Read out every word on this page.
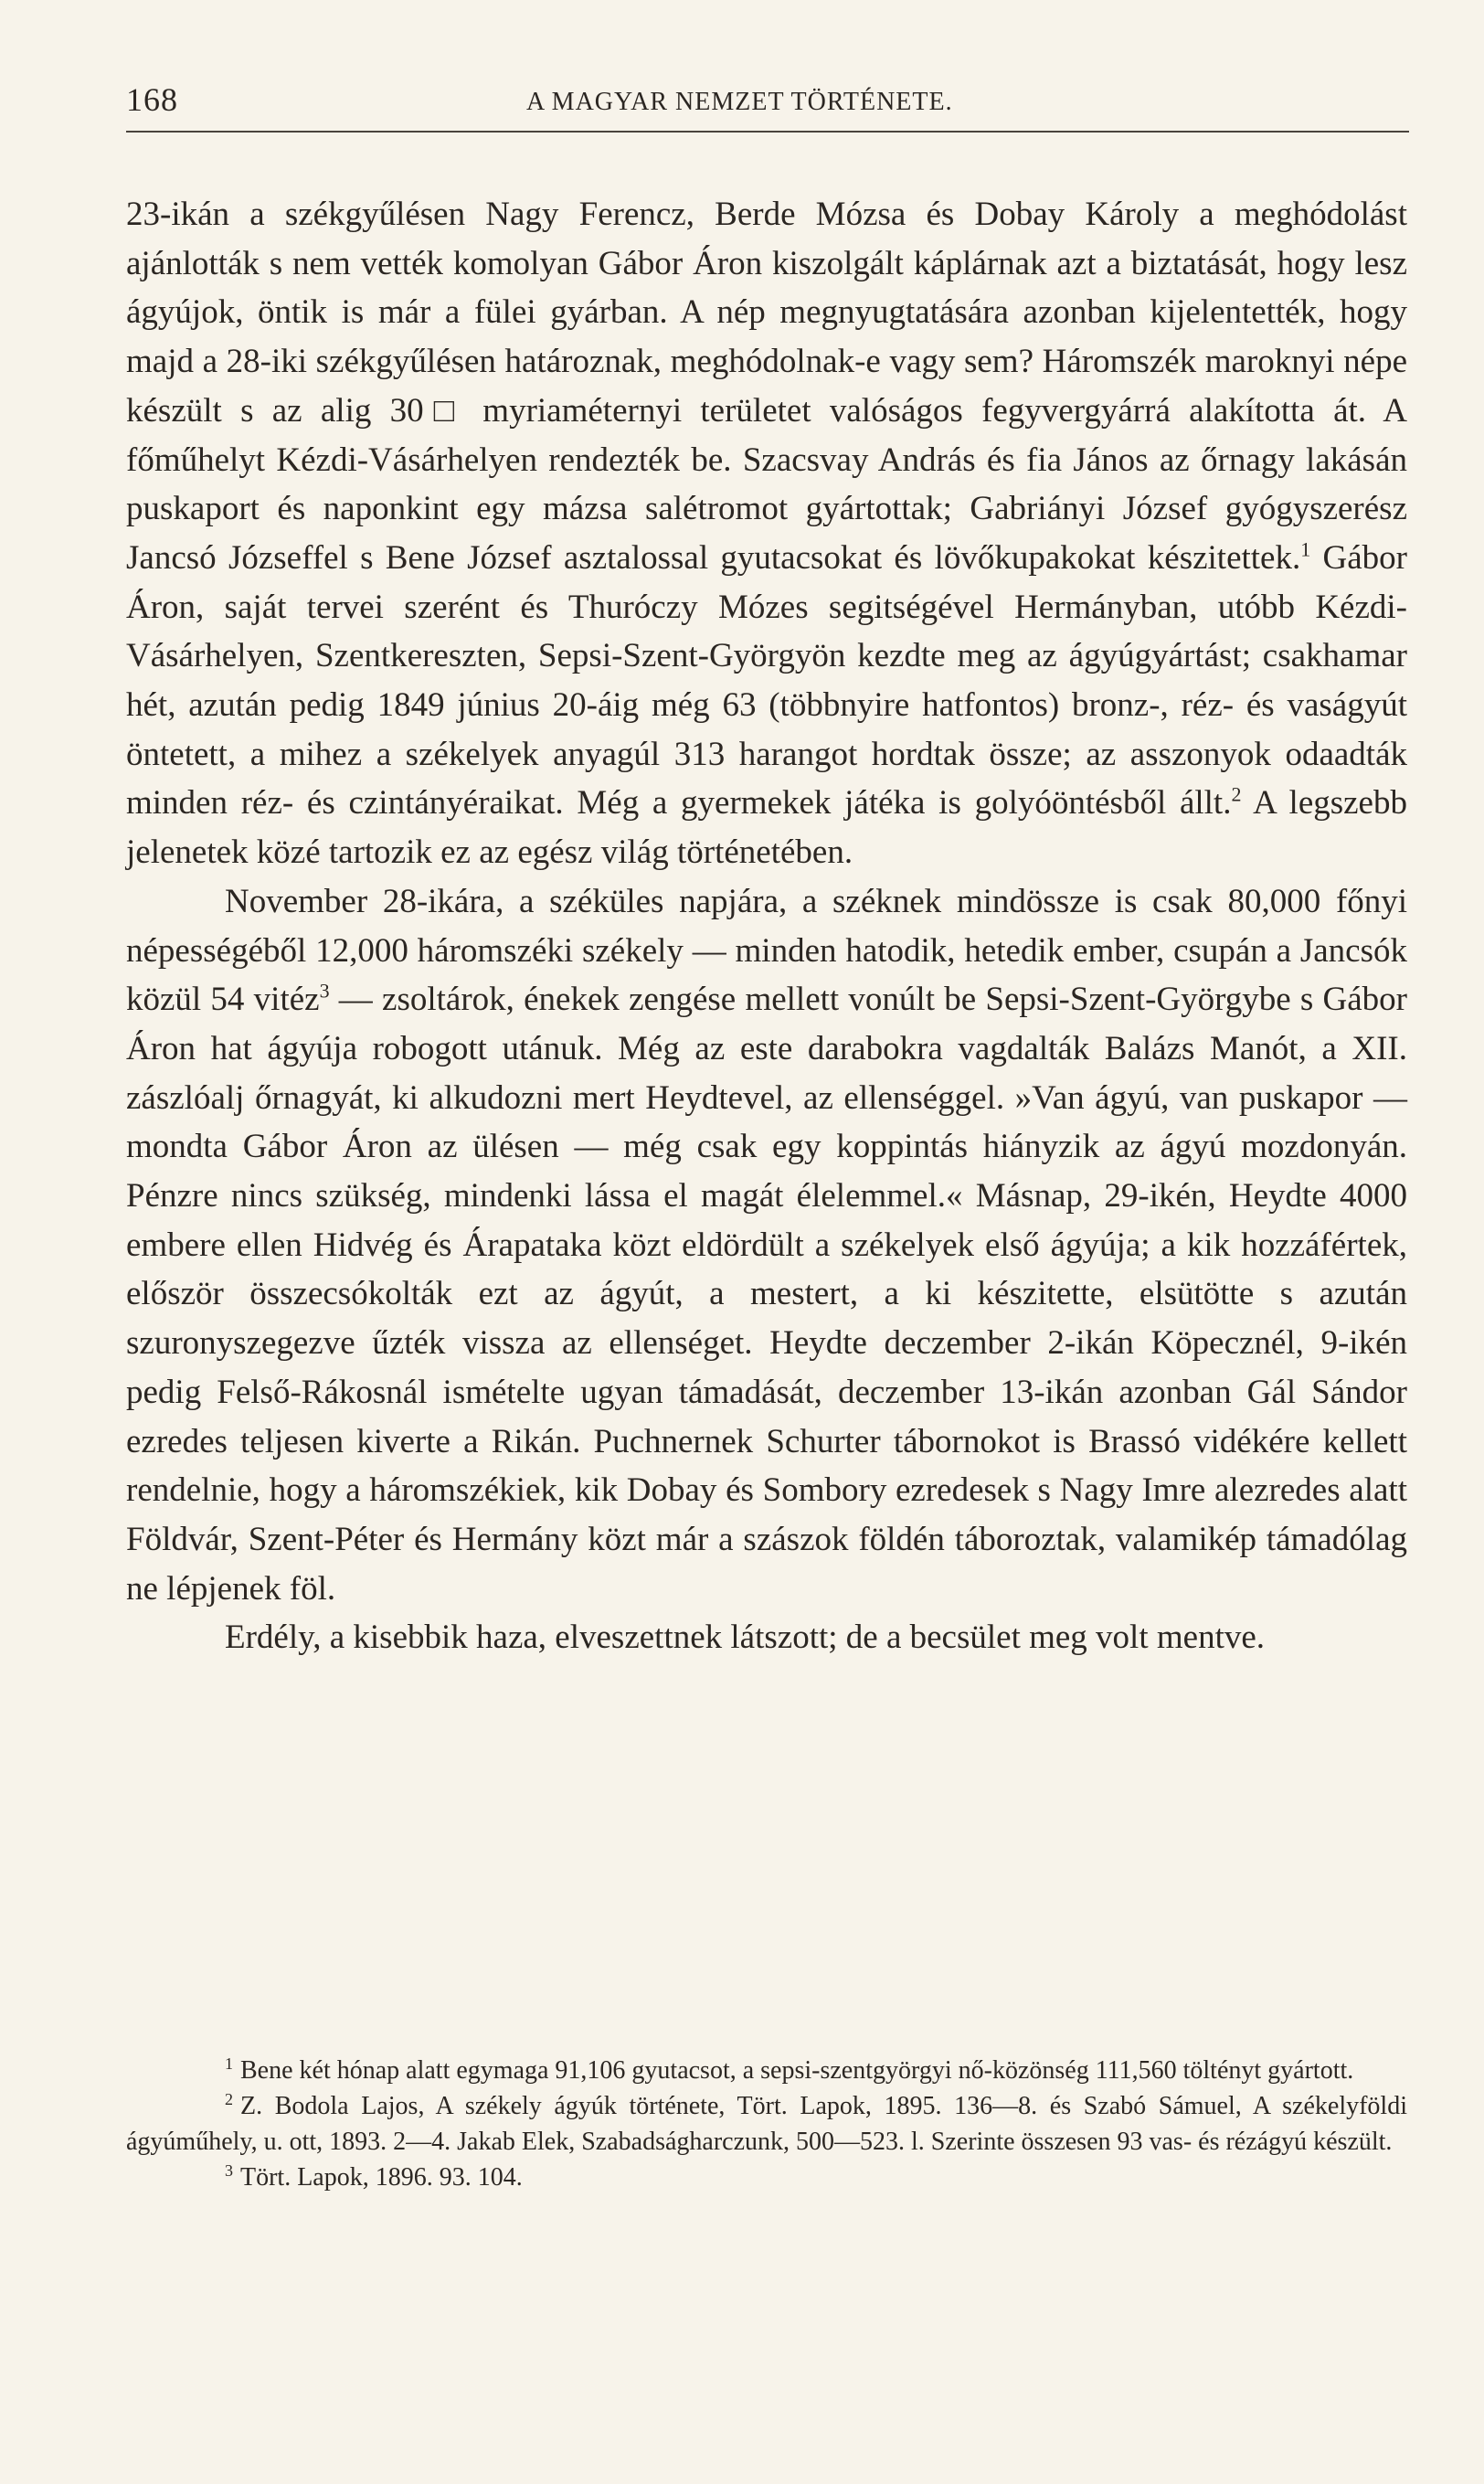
168	A MAGYAR NEMZET TÖRTÉNETE.

23-ikán a székgyűlésen Nagy Ferencz, Berde Mózsa és Dobay Károly a meghódolást ajánlották s nem vették komolyan Gábor Áron kiszolgált káplárnak azt a biztatását, hogy lesz ágyújok, öntik is már a fülei gyárban. A nép megnyugtatására azonban kijelentették, hogy majd a 28-iki székgyűlésen határoznak, meghódolnak-e vagy sem? Háromszék maroknyi népe készült s az alig 30□ myriaméternyi területet valóságos fegyvergyárrá alakította át. A főműhelyt Kézdi-Vásárhelyen rendezték be. Szacsvay András és fia János az őrnagy lakásán puskaport és naponkint egy mázsa salétromot gyártottak; Gabriányi József gyógyszerész Jancsó Józseffel s Bene József asztalossal gyutacsokat és lövőkupakokat készitettek.$^1$ Gábor Áron, saját tervei szerént és Thuróczy Mózes segitségével Hermányban, utóbb Kézdi-Vásárhelyen, Szentkereszten, Sepsi-Szent-Györgyön kezdte meg az ágyúgyártást; csakhamar hét, azután pedig 1849 június 20-áig még 63 (többnyire hatfontos) bronz-, réz- és vaságyút öntetett, a mihez a székelyek anyagúl 313 harangot hordtak össze; az asszonyok odaadták minden réz- és czintányéraikat. Még a gyermekek játéka is golyóöntésből állt.$^2$ A legszebb jelenetek közé tartozik ez az egész világ történetében.

November 28-ikára, a széküles napjára, a széknek mindössze is csak 80,000 főnyi népességéből 12,000 háromszéki székely — minden hatodik, hetedik ember, csupán a Jancsók közül 54 vitéz$^3$ — zsoltárok, énekek zengése mellett vonúlt be Sepsi-Szent-Györgybe s Gábor Áron hat ágyúja robogott utánuk. Még az este darabokra vagdalták Balázs Manót, a XII. zászlóalj őrnagyát, ki alkudozni mert Heydtevel, az ellenséggel. »Van ágyú, van puskapor — mondta Gábor Áron az ülésen — még csak egy koppintás hiányzik az ágyú mozdonyán. Pénzre nincs szükség, mindenki lássa el magát élelemmel.« Másnap, 29-ikén, Heydte 4000 embere ellen Hidvég és Árapataka közt eldördült a székelyek első ágyúja; a kik hozzáfértek, először összecsókolták ezt az ágyút, a mestert, a ki készitette, elsütötte s azután szuronyszegezve űzték vissza az ellenséget. Heydte deczember 2-ikán Köpecznél, 9-ikén pedig Felső-Rákosnál ismételte ugyan támadását, deczember 13-ikán azonban Gál Sándor ezredes teljesen kiverte a Rikán. Puchnernek Schurter tábornokot is Brassó vidékére kellett rendelnie, hogy a háromszékiek, kik Dobay és Sombory ezredesek s Nagy Imre alezredes alatt Földvár, Szent-Péter és Hermány közt már a szászok földén táboroztak, valamikép támadólag ne lépjenek föl.

Erdély, a kisebbik haza, elveszettnek látszott; de a becsület meg volt mentve.

$^1$ Bene két hónap alatt egymaga 91,106 gyutacsot, a sepsi-szentgyörgyi nő-közönség 111,560 töltényt gyártott.

$^2$ Z. Bodola Lajos, A székely ágyúk története, Tört. Lapok, 1895. 136—8. és Szabó Sámuel, A székelyföldi ágyúműhely, u. ott, 1893. 2—4. Jakab Elek, Szabadságharczunk, 500—523. l. Szerinte összesen 93 vas- és rézágyú készült.

$^3$ Tört. Lapok, 1896. 93. 104.
